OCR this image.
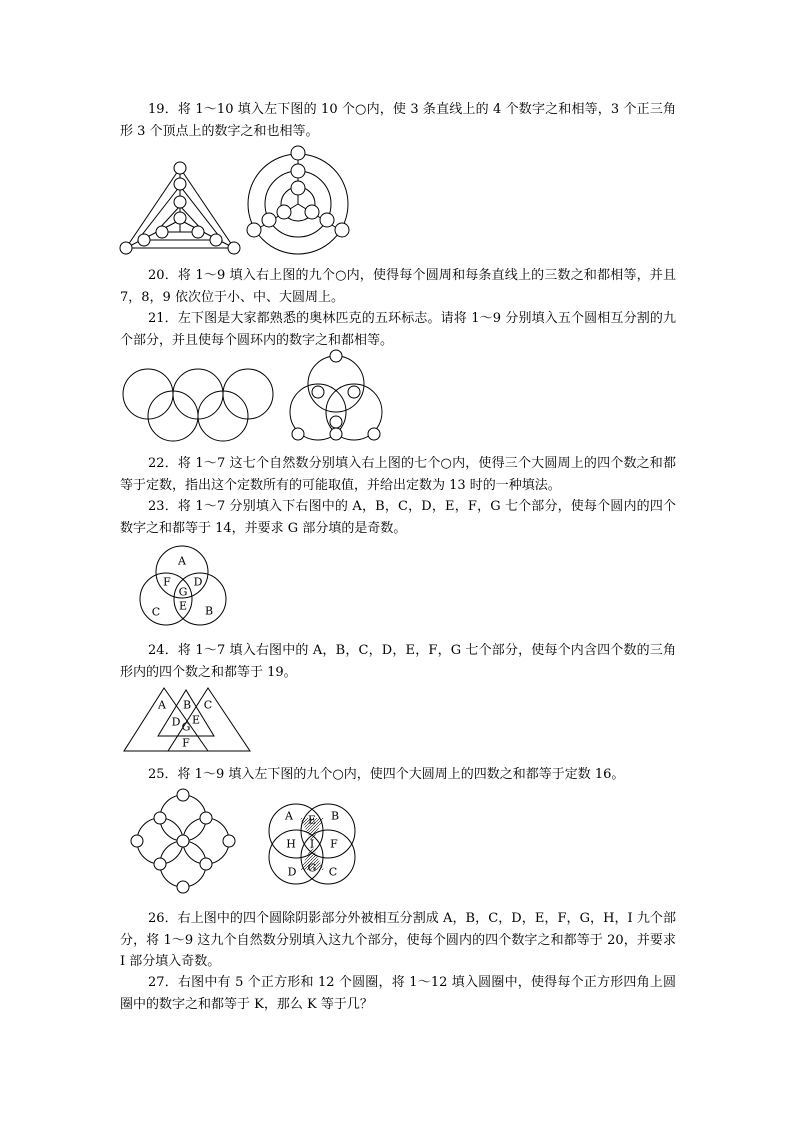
19．将 1～10 填入左下图的 10 个○内，使 3 条直线上的 4 个数字之和相等，3 个正三角形 3 个顶点上的数字之和也相等。

20．将 1～9 填入右上图的九个○内，使得每个圆周和每条直线上的三数之和都相等，并且 7，8，9 依次位于小、中、大圆周上。

21．左下图是大家都熟悉的奥林匹克的五环标志。请将 1～9 分别填入五个圆相互分割的九个部分，并且使每个圆环内的数字之和都相等。

22．将 1～7 这七个自然数分别填入右上图的七个○内，使得三个大圆周上的四个数之和都等于定数，指出这个定数所有的可能取值，并给出定数为 13 时的一种填法。

23．将 1～7 分别填入下右图中的 A，B，C，D，E，F，G 七个部分，使每个圆内的四个数字之和都等于 14，并要求 G 部分填的是奇数。

A
F D
G
C E B

24．将 1～7 填入右图中的 A，B，C，D，E，F，G 七个部分，使每个内含四个数的三角形内的四个数之和都等于 19。

A B C
D E
G
F

25．将 1～9 填入左下图的九个○内，使四个大圆周上的四数之和都等于定数 16。

A E B
H I F
D G C

26．右上图中的四个圆除阴影部分外被相互分割成 A，B，C，D，E，F，G，H，I 九个部分，将 1～9 这九个自然数分别填入这九个部分，使每个圆内的四个数字之和都等于 20，并要求 I 部分填入奇数。

27．右图中有 5 个正方形和 12 个圆圈，将 1～12 填入圆圈中，使得每个正方形四角上圆圈中的数字之和都等于 K，那么 K 等于几？
